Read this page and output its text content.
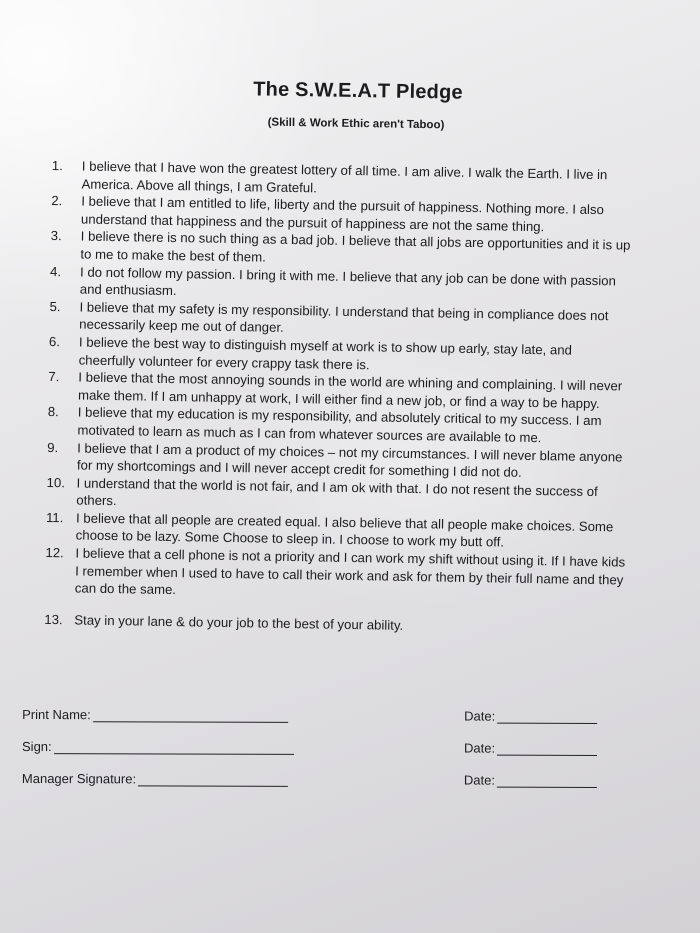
The S.W.E.A.T Pledge
(Skill & Work Ethic aren't Taboo)
1.	I believe that I have won the greatest lottery of all time. I am alive. I walk the Earth. I live in America. Above all things, I am Grateful.
2.	I believe that I am entitled to life, liberty and the pursuit of happiness. Nothing more. I also understand that happiness and the pursuit of happiness are not the same thing.
3.	I believe there is no such thing as a bad job. I believe that all jobs are opportunities and it is up to me to make the best of them.
4.	I do not follow my passion. I bring it with me. I believe that any job can be done with passion and enthusiasm.
5.	I believe that my safety is my responsibility. I understand that being in compliance does not necessarily keep me out of danger.
6.	I believe the best way to distinguish myself at work is to show up early, stay late, and cheerfully volunteer for every crappy task there is.
7.	I believe that the most annoying sounds in the world are whining and complaining. I will never make them. If I am unhappy at work, I will either find a new job, or find a way to be happy.
8.	I believe that my education is my responsibility, and absolutely critical to my success. I am motivated to learn as much as I can from whatever sources are available to me.
9.	I believe that I am a product of my choices – not my circumstances. I will never blame anyone for my shortcomings and I will never accept credit for something I did not do.
10. I understand that the world is not fair, and I am ok with that. I do not resent the success of others.
11. I believe that all people are created equal. I also believe that all people make choices. Some choose to be lazy. Some Choose to sleep in. I choose to work my butt off.
12. I believe that a cell phone is not a priority and I can work my shift without using it. If I have kids I remember when I used to have to call their work and ask for them by their full name and they can do the same.
13. Stay in your lane & do your job to the best of your ability.
Print Name:	Date:
Sign:	Date:
Manager Signature:	Date:
